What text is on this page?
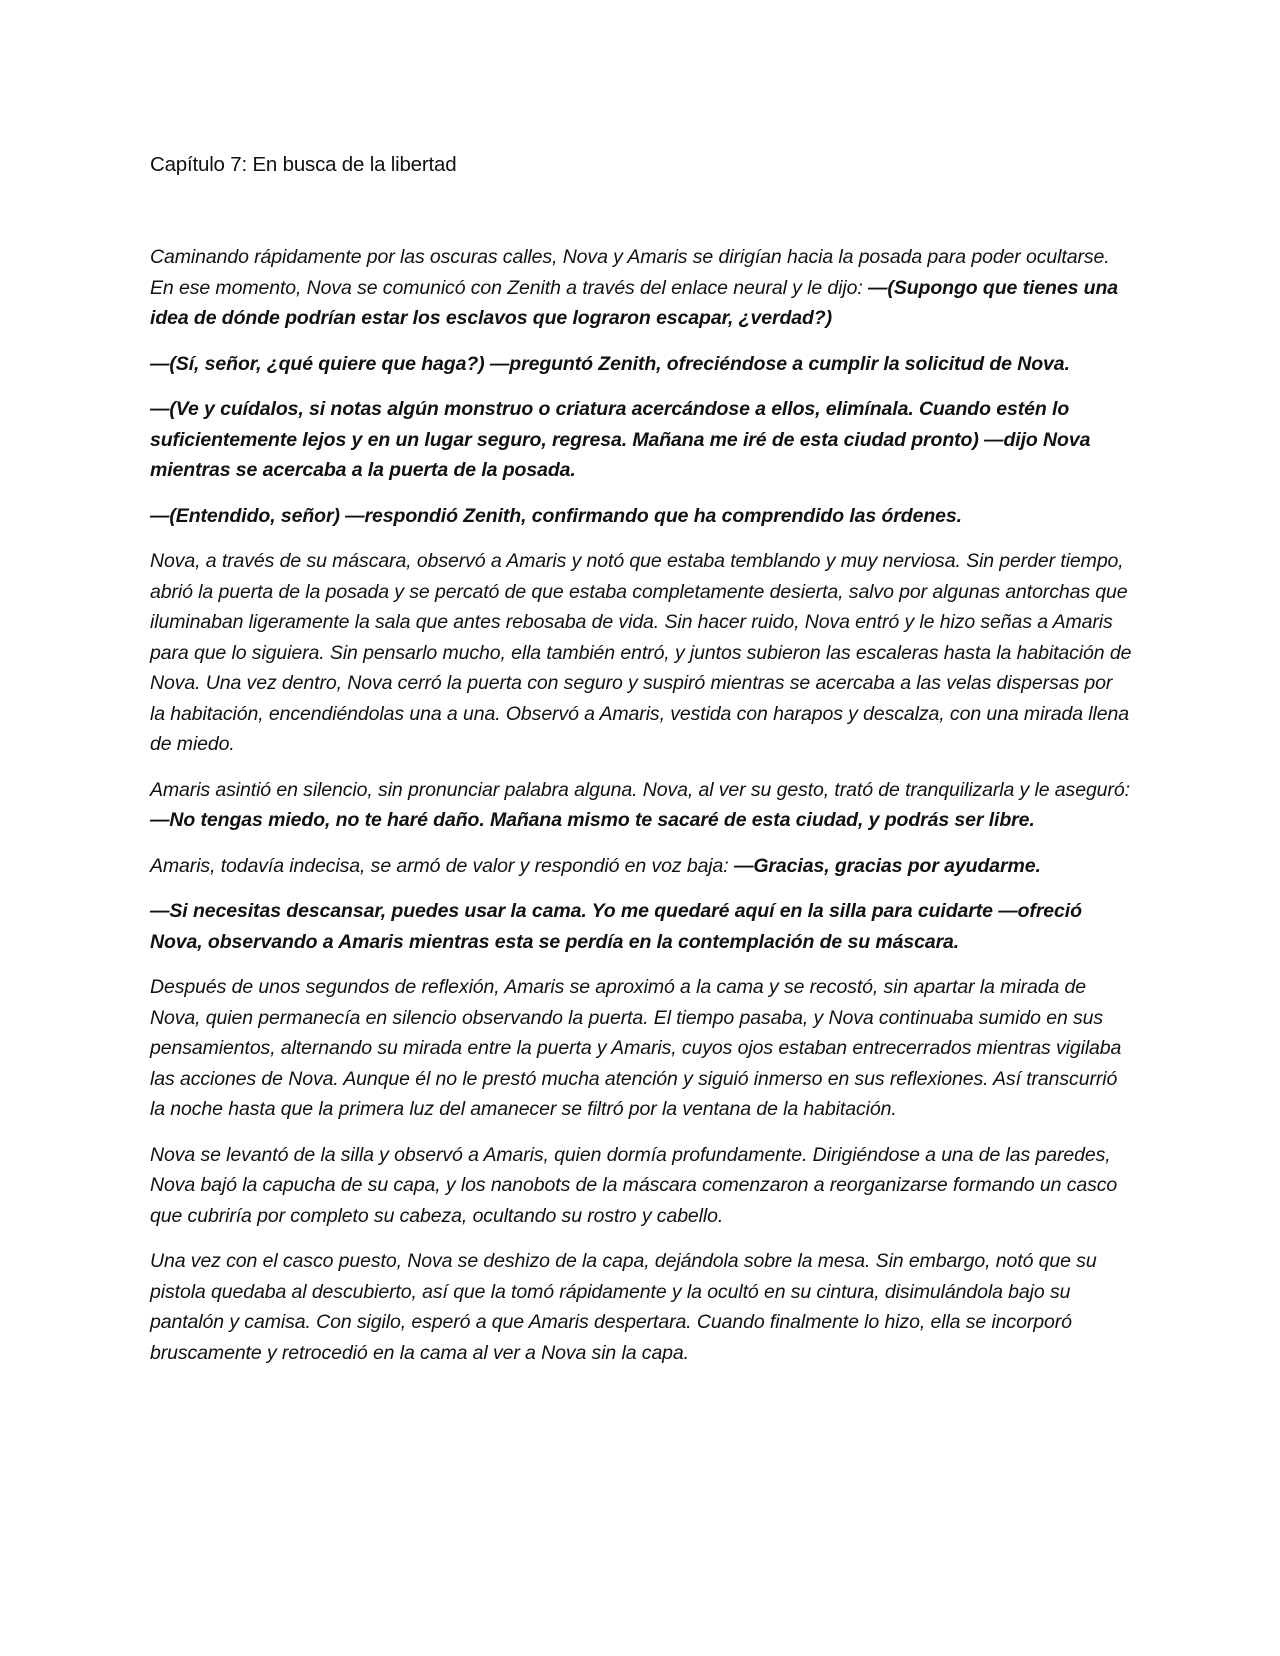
Capítulo 7: En busca de la libertad

Caminando rápidamente por las oscuras calles, Nova y Amaris se dirigían hacia la posada para poder ocultarse. En ese momento, Nova se comunicó con Zenith a través del enlace neural y le dijo: —(Supongo que tienes una idea de dónde podrían estar los esclavos que lograron escapar, ¿verdad?)

—(Sí, señor, ¿qué quiere que haga?) —preguntó Zenith, ofreciéndose a cumplir la solicitud de Nova.

—(Ve y cuídalos, si notas algún monstruo o criatura acercándose a ellos, elimínala. Cuando estén lo suficientemente lejos y en un lugar seguro, regresa. Mañana me iré de esta ciudad pronto) —dijo Nova mientras se acercaba a la puerta de la posada.

—(Entendido, señor) —respondió Zenith, confirmando que ha comprendido las órdenes.

Nova, a través de su máscara, observó a Amaris y notó que estaba temblando y muy nerviosa. Sin perder tiempo, abrió la puerta de la posada y se percató de que estaba completamente desierta, salvo por algunas antorchas que iluminaban ligeramente la sala que antes rebosaba de vida. Sin hacer ruido, Nova entró y le hizo señas a Amaris para que lo siguiera. Sin pensarlo mucho, ella también entró, y juntos subieron las escaleras hasta la habitación de Nova. Una vez dentro, Nova cerró la puerta con seguro y suspiró mientras se acercaba a las velas dispersas por la habitación, encendiéndolas una a una. Observó a Amaris, vestida con harapos y descalza, con una mirada llena de miedo.

Amaris asintió en silencio, sin pronunciar palabra alguna. Nova, al ver su gesto, trató de tranquilizarla y le aseguró: —No tengas miedo, no te haré daño. Mañana mismo te sacaré de esta ciudad, y podrás ser libre.

Amaris, todavía indecisa, se armó de valor y respondió en voz baja: —Gracias, gracias por ayudarme.

—Si necesitas descansar, puedes usar la cama. Yo me quedaré aquí en la silla para cuidarte —ofreció Nova, observando a Amaris mientras esta se perdía en la contemplación de su máscara.

Después de unos segundos de reflexión, Amaris se aproximó a la cama y se recostó, sin apartar la mirada de Nova, quien permanecía en silencio observando la puerta. El tiempo pasaba, y Nova continuaba sumido en sus pensamientos, alternando su mirada entre la puerta y Amaris, cuyos ojos estaban entrecerrados mientras vigilaba las acciones de Nova. Aunque él no le prestó mucha atención y siguió inmerso en sus reflexiones. Así transcurrió la noche hasta que la primera luz del amanecer se filtró por la ventana de la habitación.

Nova se levantó de la silla y observó a Amaris, quien dormía profundamente. Dirigiéndose a una de las paredes, Nova bajó la capucha de su capa, y los nanobots de la máscara comenzaron a reorganizarse formando un casco que cubriría por completo su cabeza, ocultando su rostro y cabello.

Una vez con el casco puesto, Nova se deshizo de la capa, dejándola sobre la mesa. Sin embargo, notó que su pistola quedaba al descubierto, así que la tomó rápidamente y la ocultó en su cintura, disimulándola bajo su pantalón y camisa. Con sigilo, esperó a que Amaris despertara. Cuando finalmente lo hizo, ella se incorporó bruscamente y retrocedió en la cama al ver a Nova sin la capa.
